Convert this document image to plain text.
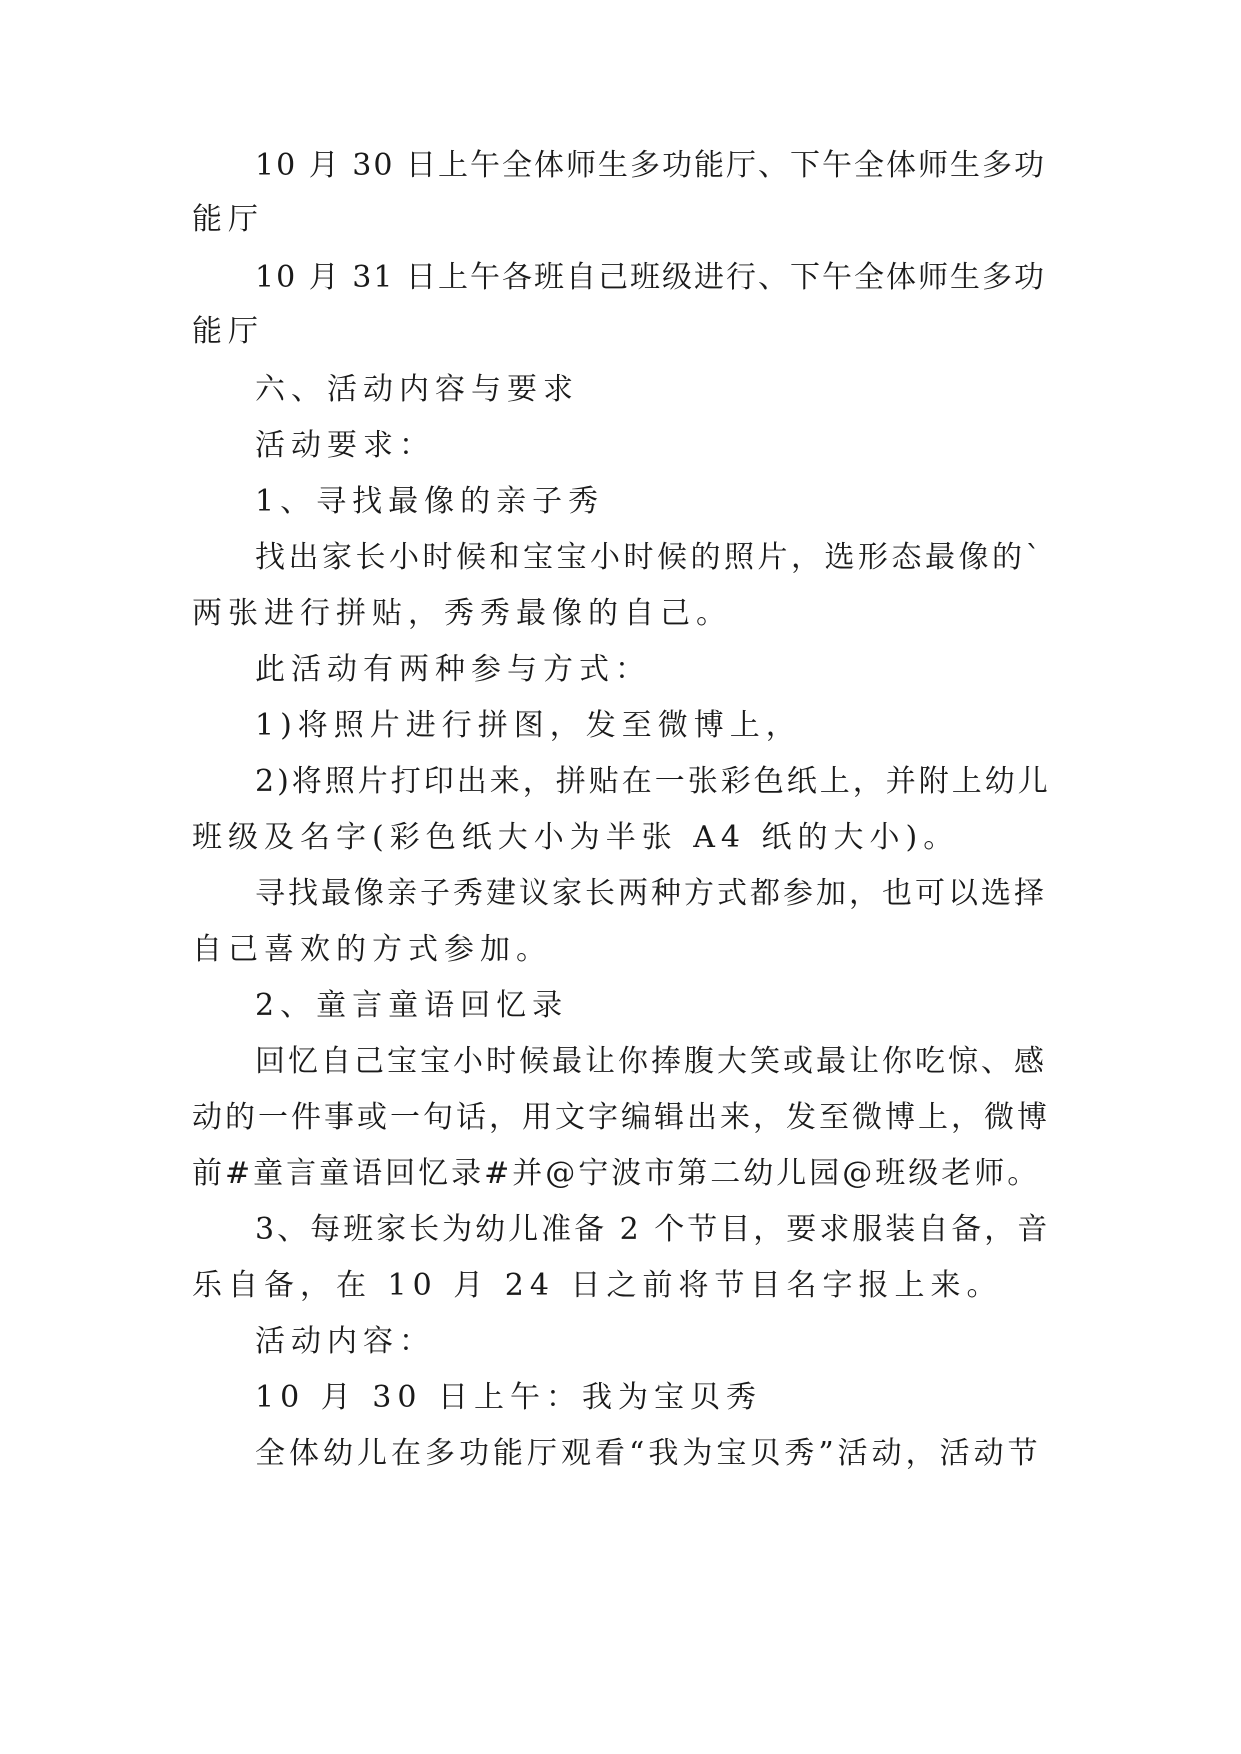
10 月 30 日上午全体师生多功能厅、下午全体师生多功

能厅

10 月 31 日上午各班自己班级进行、下午全体师生多功

能厅

六、活动内容与要求

活动要求：

1、寻找最像的亲子秀

找出家长小时候和宝宝小时候的照片，选形态最像的`

两张进行拼贴，秀秀最像的自己。

此活动有两种参与方式：

1)将照片进行拼图，发至微博上，

2)将照片打印出来，拼贴在一张彩色纸上，并附上幼儿

班级及名字(彩色纸大小为半张 A4 纸的大小)。

寻找最像亲子秀建议家长两种方式都参加，也可以选择

自己喜欢的方式参加。

2、童言童语回忆录

回忆自己宝宝小时候最让你捧腹大笑或最让你吃惊、感

动的一件事或一句话，用文字编辑出来，发至微博上，微博

前#童言童语回忆录#并@宁波市第二幼儿园@班级老师。

3、每班家长为幼儿准备 2 个节目，要求服装自备，音

乐自备，在 10 月 24 日之前将节目名字报上来。

活动内容：

10 月 30 日上午：我为宝贝秀

全体幼儿在多功能厅观看“我为宝贝秀”活动，活动节
